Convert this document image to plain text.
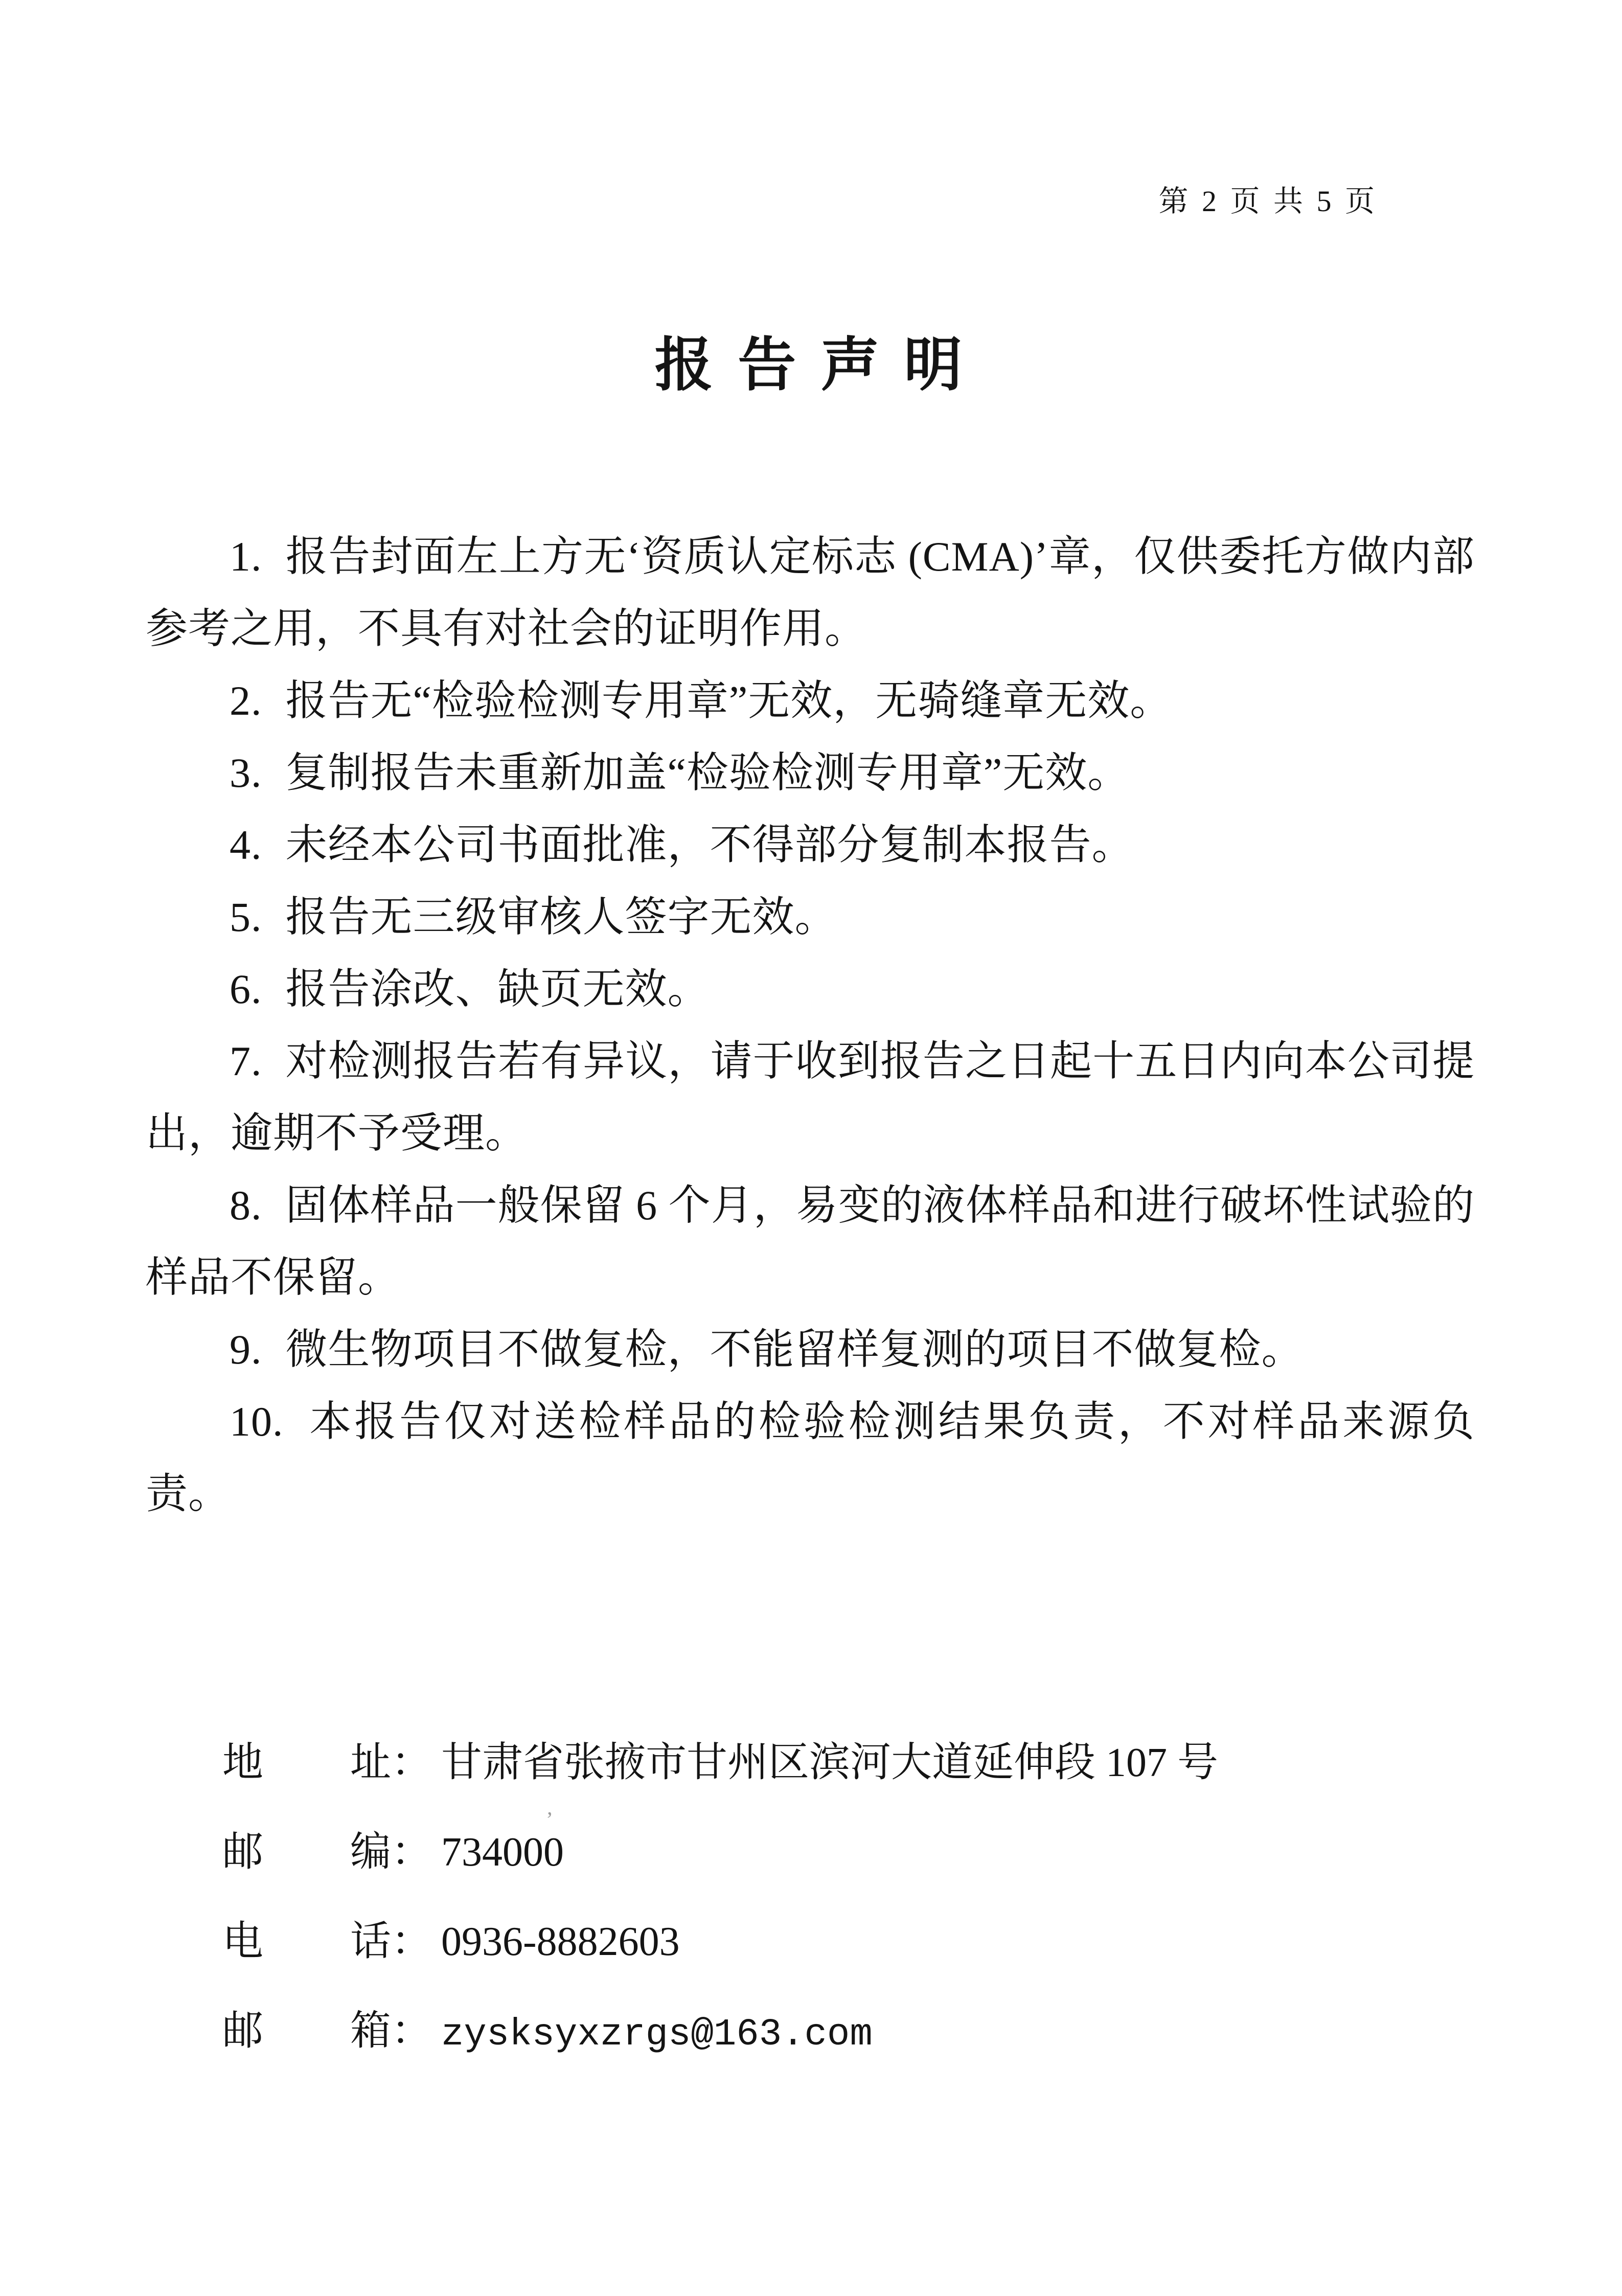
第 2 页 共 5 页
报 告 声 明

1. 报告封面左上方无‘资质认定标志 (CMA)’章，仅供委托方做内部参考之用，不具有对社会的证明作用。

2. 报告无“检验检测专用章”无效，无骑缝章无效。

3. 复制报告未重新加盖“检验检测专用章”无效。

4. 未经本公司书面批准，不得部分复制本报告。

5. 报告无三级审核人签字无效。

6. 报告涂改、缺页无效。

7. 对检测报告若有异议，请于收到报告之日起十五日内向本公司提出，逾期不予受理。

8. 固体样品一般保留 6 个月，易变的液体样品和进行破坏性试验的样品不保留。

9. 微生物项目不做复检，不能留样复测的项目不做复检。

10. 本报告仅对送检样品的检验检测结果负责，不对样品来源负责。

’
地 址 ： 甘肃省张掖市甘州区滨河大道延伸段 107 号
邮 编 ： 734000
电 话 ： 0936-8882603
邮 箱 ： zysksyxzrgs@163.com
